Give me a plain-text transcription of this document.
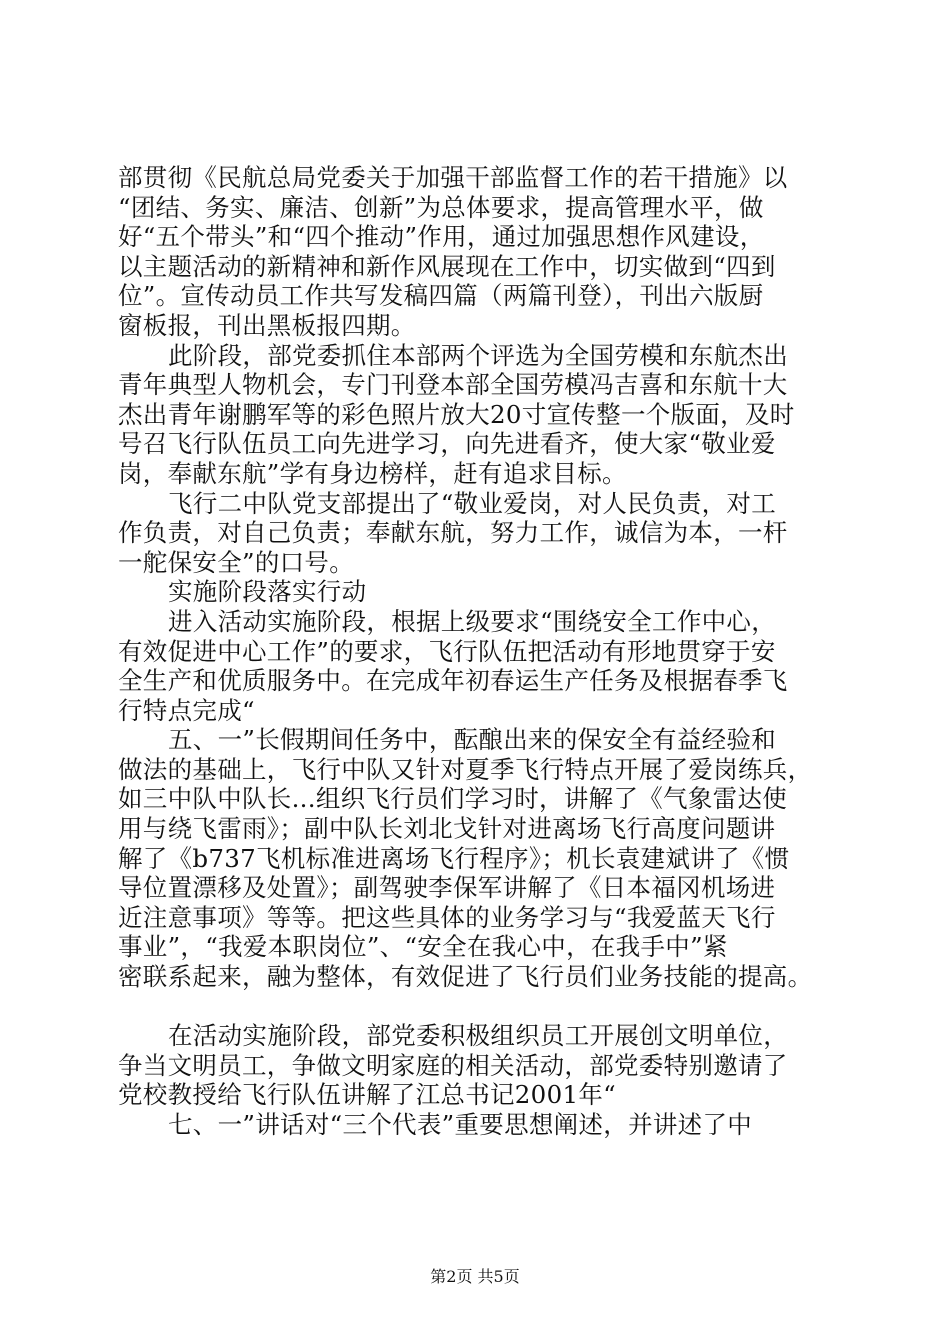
部贯彻《民航总局党委关于加强干部监督工作的若干措施》以
“团结、务实、廉洁、创新”为总体要求，提高管理水平，做
好“五个带头”和“四个推动”作用，通过加强思想作风建设，
以主题活动的新精神和新作风展现在工作中，切实做到“四到
位”。宣传动员工作共写发稿四篇（两篇刊登），刊出六版厨
窗板报，刊出黑板报四期。
此阶段，部党委抓住本部两个评选为全国劳模和东航杰出
青年典型人物机会，专门刊登本部全国劳模冯吉喜和东航十大
杰出青年谢鹏军等的彩色照片放大20寸宣传整一个版面，及时
号召飞行队伍员工向先进学习，向先进看齐，使大家“敬业爱
岗，奉献东航”学有身边榜样，赶有追求目标。
飞行二中队党支部提出了“敬业爱岗，对人民负责，对工
作负责，对自己负责；奉献东航，努力工作，诚信为本，一杆
一舵保安全”的口号。
实施阶段落实行动
进入活动实施阶段，根据上级要求“围绕安全工作中心，
有效促进中心工作”的要求，飞行队伍把活动有形地贯穿于安
全生产和优质服务中。在完成年初春运生产任务及根据春季飞
行特点完成“
五、一”长假期间任务中，酝酿出来的保安全有益经验和
做法的基础上，飞行中队又针对夏季飞行特点开展了爱岗练兵，
如三中队中队长...组织飞行员们学习时，讲解了《气象雷达使
用与绕飞雷雨》；副中队长刘北戈针对进离场飞行高度问题讲
解了《b737飞机标准进离场飞行程序》；机长袁建斌讲了《惯
导位置漂移及处置》；副驾驶李保军讲解了《日本福冈机场进
近注意事项》等等。把这些具体的业务学习与“我爱蓝天飞行
事业”，“我爱本职岗位”、“安全在我心中，在我手中”紧
密联系起来，融为整体，有效促进了飞行员们业务技能的提高。
在活动实施阶段，部党委积极组织员工开展创文明单位，
争当文明员工，争做文明家庭的相关活动，部党委特别邀请了
党校教授给飞行队伍讲解了江总书记2001年“
七、一”讲话对“三个代表”重要思想阐述，并讲述了中
第2页 共5页
